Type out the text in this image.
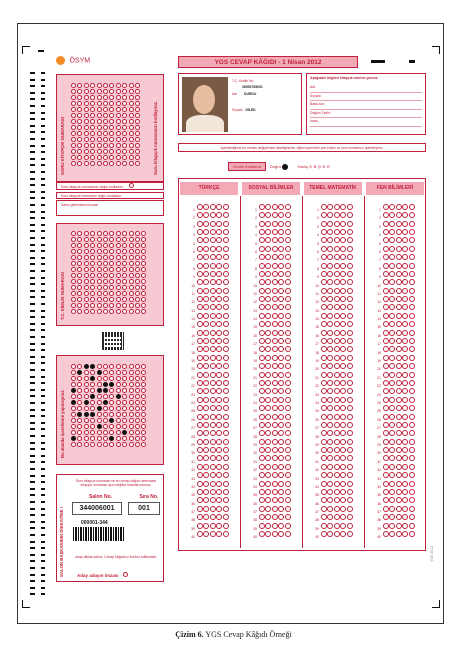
ÖSYM	YGS CEVAP KÂĞIDI - 1 Nisan 2012
T.C. Kimlik No.
35000765001
Adı DURDU
Soyadı DİLEK
Aşağıdaki bilgileri kitapçık üzerine yazınız.
Adı:
Soyadı:
Baba Adı:
Doğum Tarihi:
İmza:
İşaretlediğiniz bir cevabı değiştirmek istediğinizde, eğimi işaretinizi yok ediniz ve yeni cevabınızı işaretleyiniz.
Örnek Kodlama Doğru	Yanlış ⊙⊗◎⊘⊖
TÜRKÇE
1
2
3
4
5
6
7
8
9
10
11
12
13
14
15
16
17
18
19
20
21
22
23
24
25
26
27
28
29
30
31
32
33
34
35
36
37
38
39
40
SOSYAL BİLİMLER
1
2
3
4
5
6
7
8
9
10
11
12
13
14
15
16
17
18
19
20
21
22
23
24
25
26
27
28
29
30
31
32
33
34
35
36
37
38
39
40
TEMEL MATEMATİK
1
2
3
4
5
6
7
8
9
10
11
12
13
14
15
16
17
18
19
20
21
22
23
24
25
26
27
28
29
30
31
32
33
34
35
36
37
38
39
40
FEN BİLİMLERİ
1
2
3
4
5
6
7
8
9
10
11
12
13
14
15
16
17
18
19
20
21
22
23
24
25
26
27
28
29
30
31
32
33
34
35
36
37
38
39
40
SORU KİTAPÇIK NUMARASI	Soru kitapçık numaranızı kodlayınız.
Soru kitapçık numaranızı doğru kodladım.
Soru kitapçık numaramı doğru kodladım.
Salon görevlisinin imzası
T.C. KİMLİK NUMARASI
Bu alanda işaretleme yapmayınız.
SALON BAŞKANININ DİKKATİNE !
Soru kitapçık numarası ile bu cevap kâğıdı üzerindeki kitapçık numarası aynı değilse tutanak tutunuz.
Salon No.	Sıra No.
344006001	001
000001-344
Aday dikkat ediniz. Cevap kâğıdınız kontrol edilecektir.
Aday adayın imzası
YGS 2012
Çizim 6. YGS Cevap Kâğıdı Örneği
